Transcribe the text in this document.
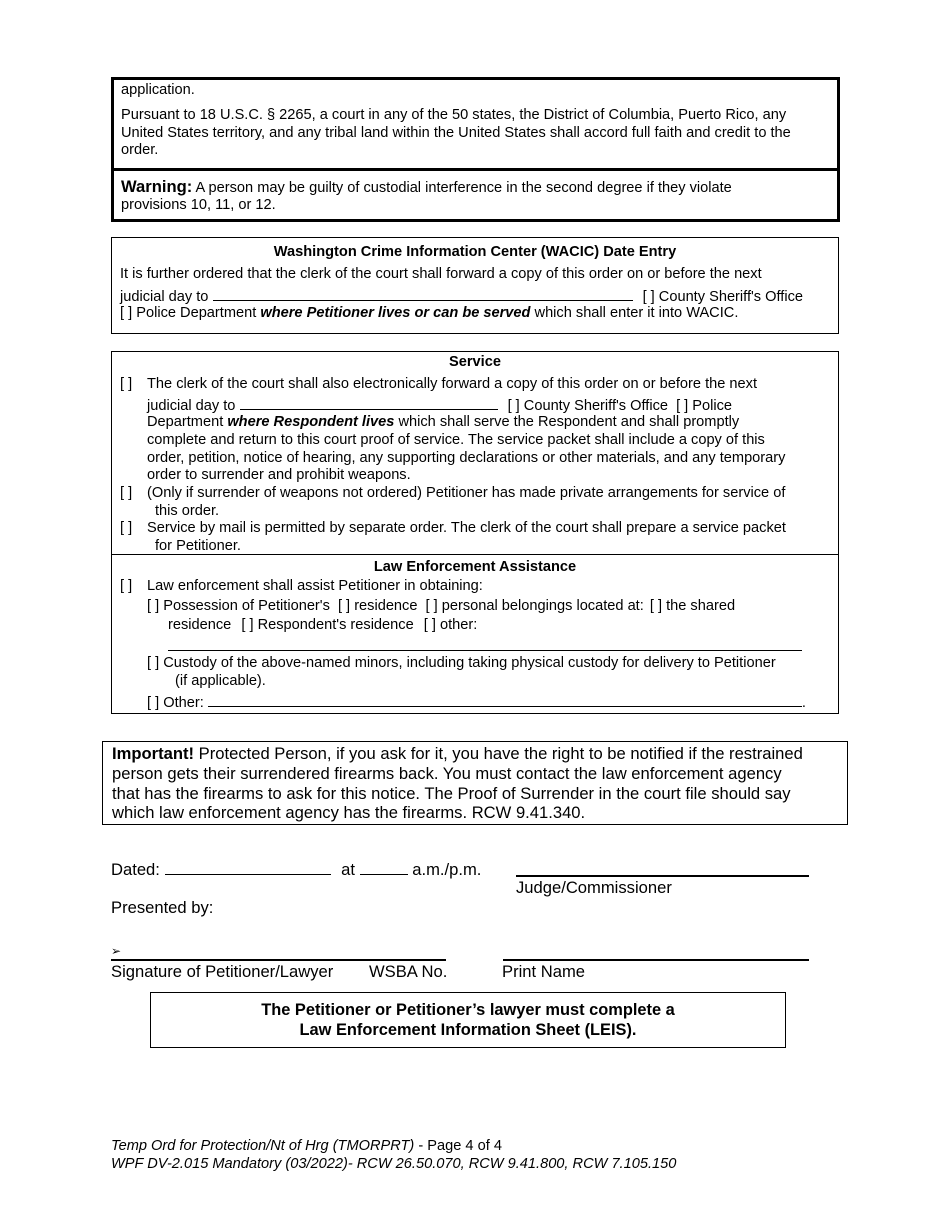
application.
Pursuant to 18 U.S.C. § 2265, a court in any of the 50 states, the District of Columbia, Puerto Rico, any United States territory, and any tribal land within the United States shall accord full faith and credit to the order.
Warning: A person may be guilty of custodial interference in the second degree if they violate
provisions 10, 11, or 12.
Washington Crime Information Center (WACIC) Date Entry
It is further ordered that the clerk of the court shall forward a copy of this order on or before the next
judicial day to	[ ] County Sheriff's Office
[ ] Police Department where Petitioner lives or can be served which shall enter it into WACIC.
Service
[ ] The clerk of the court shall also electronically forward a copy of this order on or before the next
judicial day to	[ ] County Sheriff's Office [ ] Police
Department where Respondent lives which shall serve the Respondent and shall promptly
complete and return to this court proof of service. The service packet shall include a copy of this
order, petition, notice of hearing, any supporting declarations or other materials, and any temporary
order to surrender and prohibit weapons.
[ ] (Only if surrender of weapons not ordered) Petitioner has made private arrangements for service of
this order.
[ ] Service by mail is permitted by separate order. The clerk of the court shall prepare a service packet
for Petitioner.
Law Enforcement Assistance
[ ] Law enforcement shall assist Petitioner in obtaining:
[ ] Possession of Petitioner's [ ] residence [ ] personal belongings located at: [ ] the shared
residence [ ] Respondent's residence [ ] other:
[ ] Custody of the above-named minors, including taking physical custody for delivery to Petitioner
(if applicable).
[ ] Other:	.
Important! Protected Person, if you ask for it, you have the right to be notified if the restrained
person gets their surrendered firearms back. You must contact the law enforcement agency
that has the firearms to ask for this notice. The Proof of Surrender in the court file should say
which law enforcement agency has the firearms. RCW 9.41.340.
Dated:	at	a.m./p.m.
Judge/Commissioner
Presented by:
➢
Signature of Petitioner/Lawyer WSBA No.	Print Name
The Petitioner or Petitioner’s lawyer must complete a
Law Enforcement Information Sheet (LEIS).
Temp Ord for Protection/Nt of Hrg (TMORPRT) - Page 4 of 4
WPF DV-2.015 Mandatory (03/2022)- RCW 26.50.070, RCW 9.41.800, RCW 7.105.150
